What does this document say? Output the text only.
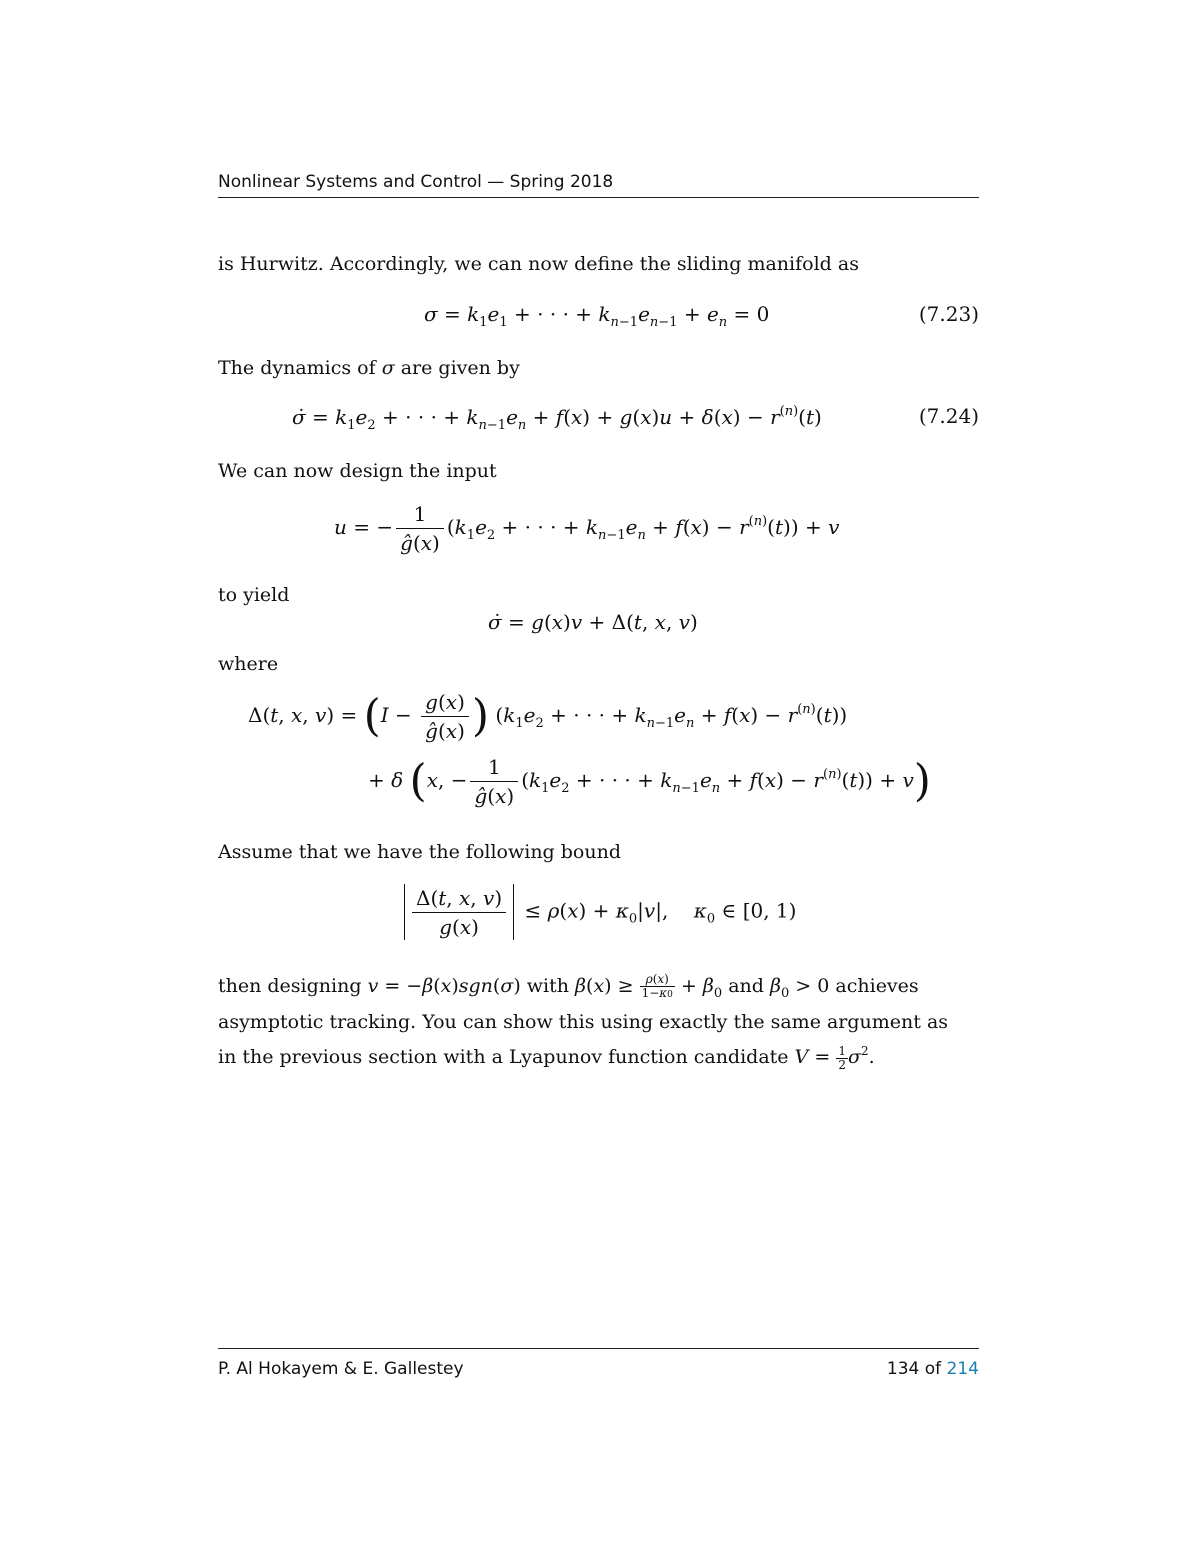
Nonlinear Systems and Control — Spring 2018
is Hurwitz. Accordingly, we can now define the sliding manifold as
$\sigma = k_1e_1$ + · · · + $k_{n-1}e_{n-1} + e_n = 0$	(7.23)
The dynamics of σ are given by
σ̇ = $k_1e_2$ + · · · + $k_{n-1}e_n + f(x) + g(x)u + \delta(x) - r^{(n)}(t)$	(7.24)
We can now design the input
u = − $\frac{1}{ĝ(x)} (k_1e_2$ + · · · + $k_{n-1}e_n + f(x) - r^{(n)}(t)) + v$
to yield
σ̇ = g(x)v + Δ(t, x, v)
where
Δ(t, x, $v) = (I - \frac{g(x)}{ĝ(x)}$ ) ($k_1e_2$ + · · · + $k_{n-1}e_n + f(x) - r^{(n)}(t)$)
+ δ (x, − $\frac{1}{ĝ(x)} (k_1e_2$ + · · · + $k_{n-1}e_n + f(x) - r^{(n)}(t)) + v$)
Assume that we have the following bound
$\frac{\Delta(t, x, v)}{g(x)} \le \rho(x) + \kappa_0|v|$,    $\kappa_0$ ∈ [0, 1)
then designing v = −β(x)sgn(σ) with $\beta(x) \ge \frac{\rho(x)}{1-\kappa 0} + \beta_0$ and $\beta_0 > 0$ achieves
asymptotic tracking. You can show this using exactly the same argument as
in the previous section with a Lyapunov function candidate $V = \frac{1}{2} \sigma^2$.
P. Al Hokayem & E. Gallestey	134 of 214
